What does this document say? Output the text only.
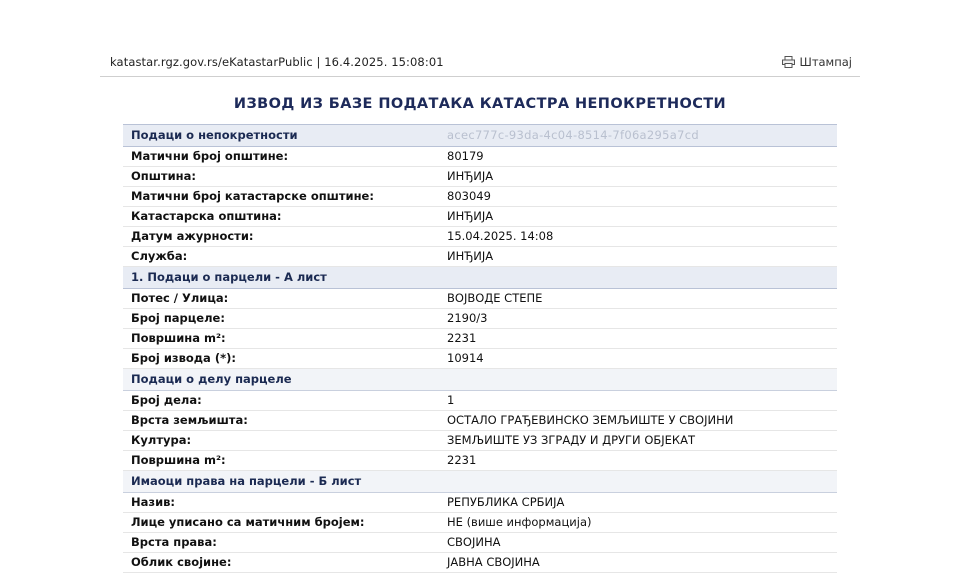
katastar.rgz.gov.rs/eKatastarPublic | 16.4.2025. 15:08:01	Штампај
ИЗВОД ИЗ БАЗЕ ПОДАТАКА КАТАСТРА НЕПОКРЕТНОСТИ
Подаци о непокретности	acec777c-93da-4c04-8514-7f06a295a7cd
Матични број општине:	80179
Општина:	ИНЂИЈА
Матични број катастарске општине:	803049
Катастарска општина:	ИНЂИЈА
Датум ажурности:	15.04.2025. 14:08
Служба:	ИНЂИЈА
1. Подаци о парцели - А лист	
Потес / Улица:	ВОЈВОДЕ СТЕПЕ
Број парцеле:	2190/3
Површина m²:	2231
Број извода (*):	10914
Подаци о делу парцеле	
Број дела:	1
Врста земљишта:	ОСТАЛО ГРАЂЕВИНСКО ЗЕМЉИШТЕ У СВОЈИНИ
Култура:	ЗЕМЉИШТЕ УЗ ЗГРАДУ И ДРУГИ ОБЈЕКАТ
Површина m²:	2231
Имаоци права на парцели - Б лист	
Назив:	РЕПУБЛИКА СРБИЈА
Лице уписано са матичним бројем:	НЕ (више информација)
Врста права:	СВОЈИНА
Облик својине:	ЈАВНА СВОЈИНА
